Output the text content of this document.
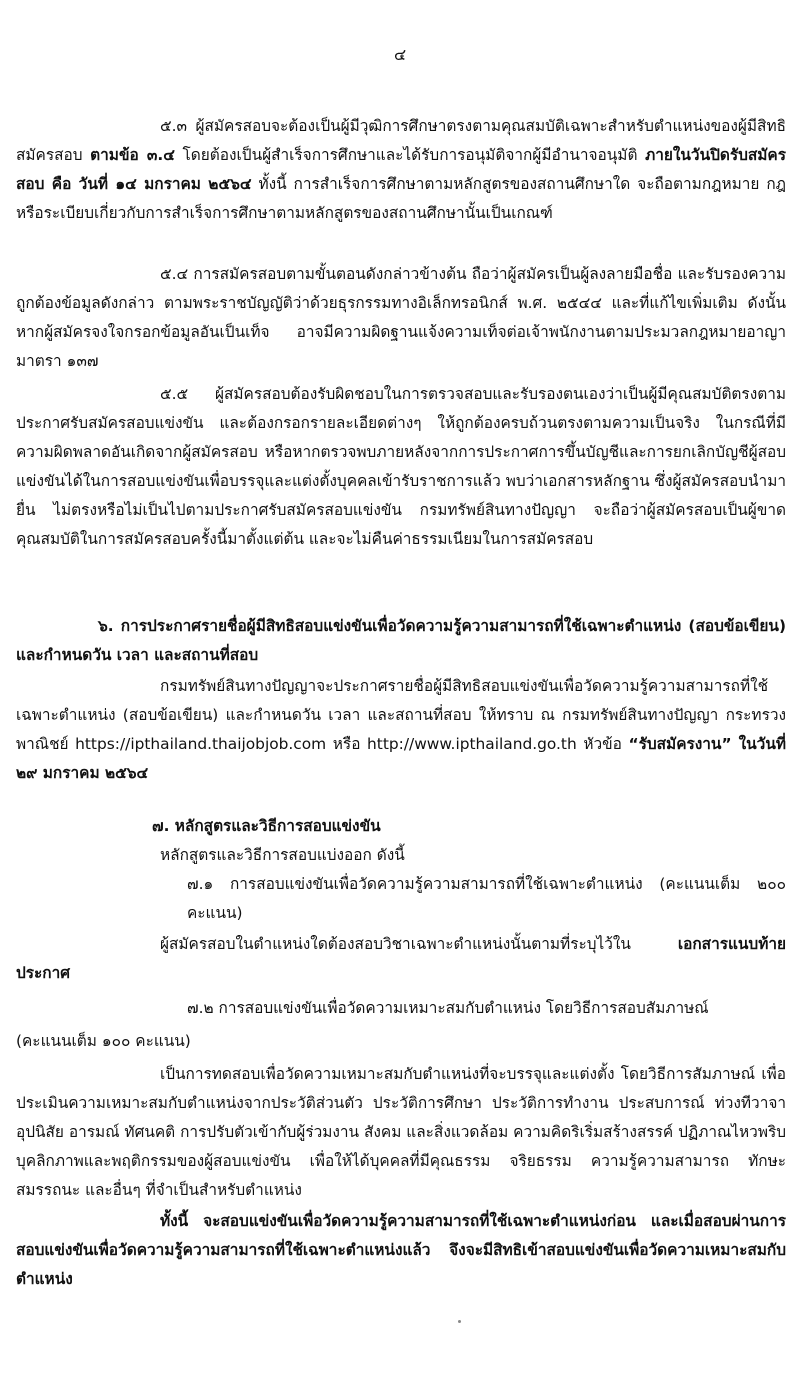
๔

๕.๓ ผู้สมัครสอบจะต้องเป็นผู้มีวุฒิการศึกษาตรงตามคุณสมบัติเฉพาะสำหรับตำแหน่งของผู้มีสิทธิสมัครสอบ ตามข้อ ๓.๔ โดยต้องเป็นผู้สำเร็จการศึกษาและได้รับการอนุมัติจากผู้มีอำนาจอนุมัติ ภายในวันปิดรับสมัครสอบ คือ วันที่ ๑๔ มกราคม ๒๕๖๔ ทั้งนี้ การสำเร็จการศึกษาตามหลักสูตรของสถานศึกษาใด จะถือตามกฎหมาย กฎหรือระเบียบเกี่ยวกับการสำเร็จการศึกษาตามหลักสูตรของสถานศึกษานั้นเป็นเกณฑ์

๕.๔ การสมัครสอบตามขั้นตอนดังกล่าวข้างต้น ถือว่าผู้สมัครเป็นผู้ลงลายมือชื่อ และรับรองความถูกต้องข้อมูลดังกล่าว ตามพระราชบัญญัติว่าด้วยธุรกรรมทางอิเล็กทรอนิกส์ พ.ศ. ๒๕๔๔ และที่แก้ไขเพิ่มเติม ดังนั้น หากผู้สมัครจงใจกรอกข้อมูลอันเป็นเท็จ อาจมีความผิดฐานแจ้งความเท็จต่อเจ้าพนักงานตามประมวลกฎหมายอาญา มาตรา ๑๓๗

๕.๕ ผู้สมัครสอบต้องรับผิดชอบในการตรวจสอบและรับรองตนเองว่าเป็นผู้มีคุณสมบัติตรงตามประกาศรับสมัครสอบแข่งขัน และต้องกรอกรายละเอียดต่างๆ ให้ถูกต้องครบถ้วนตรงตามความเป็นจริง ในกรณีที่มีความผิดพลาดอันเกิดจากผู้สมัครสอบ หรือหากตรวจพบภายหลังจากการประกาศการขึ้นบัญชีและการยกเลิกบัญชีผู้สอบแข่งขันได้ในการสอบแข่งขันเพื่อบรรจุและแต่งตั้งบุคคลเข้ารับราชการแล้ว พบว่าเอกสารหลักฐาน ซึ่งผู้สมัครสอบนำมายื่น ไม่ตรงหรือไม่เป็นไปตามประกาศรับสมัครสอบแข่งขัน กรมทรัพย์สินทางปัญญา จะถือว่าผู้สมัครสอบเป็นผู้ขาดคุณสมบัติในการสมัครสอบครั้งนี้มาตั้งแต่ต้น และจะไม่คืนค่าธรรมเนียมในการสมัครสอบ

๖. การประกาศรายชื่อผู้มีสิทธิสอบแข่งขันเพื่อวัดความรู้ความสามารถที่ใช้เฉพาะตำแหน่ง (สอบข้อเขียน) และกำหนดวัน เวลา และสถานที่สอบ

กรมทรัพย์สินทางปัญญาจะประกาศรายชื่อผู้มีสิทธิสอบแข่งขันเพื่อวัดความรู้ความสามารถที่ใช้เฉพาะตำแหน่ง (สอบข้อเขียน) และกำหนดวัน เวลา และสถานที่สอบ ให้ทราบ ณ กรมทรัพย์สินทางปัญญา กระทรวงพาณิชย์ https://ipthailand.thaijobjob.com หรือ http://www.ipthailand.go.th หัวข้อ “รับสมัครงาน” ในวันที่ ๒๙ มกราคม ๒๕๖๔

๗. หลักสูตรและวิธีการสอบแข่งขัน

หลักสูตรและวิธีการสอบแบ่งออก ดังนี้

๗.๑ การสอบแข่งขันเพื่อวัดความรู้ความสามารถที่ใช้เฉพาะตำแหน่ง (คะแนนเต็ม ๒๐๐ คะแนน)

ผู้สมัครสอบในตำแหน่งใดต้องสอบวิชาเฉพาะตำแหน่งนั้นตามที่ระบุไว้ใน	เอกสารแนบท้ายประกาศ

๗.๒ การสอบแข่งขันเพื่อวัดความเหมาะสมกับตำแหน่ง โดยวิธีการสอบสัมภาษณ์

(คะแนนเต็ม ๑๐๐ คะแนน)

เป็นการทดสอบเพื่อวัดความเหมาะสมกับตำแหน่งที่จะบรรจุและแต่งตั้ง โดยวิธีการสัมภาษณ์ เพื่อประเมินความเหมาะสมกับตำแหน่งจากประวัติส่วนตัว ประวัติการศึกษา ประวัติการทำงาน ประสบการณ์ ท่วงทีวาจา อุปนิสัย อารมณ์ ทัศนคติ การปรับตัวเข้ากับผู้ร่วมงาน สังคม และสิ่งแวดล้อม ความคิดริเริ่มสร้างสรรค์ ปฏิภาณไหวพริบ บุคลิกภาพและพฤติกรรมของผู้สอบแข่งขัน เพื่อให้ได้บุคคลที่มีคุณธรรม จริยธรรม ความรู้ความสามารถ ทักษะ สมรรถนะ และอื่นๆ ที่จำเป็นสำหรับตำแหน่ง

ทั้งนี้ จะสอบแข่งขันเพื่อวัดความรู้ความสามารถที่ใช้เฉพาะตำแหน่งก่อน และเมื่อสอบผ่านการสอบแข่งขันเพื่อวัดความรู้ความสามารถที่ใช้เฉพาะตำแหน่งแล้ว จึงจะมีสิทธิเข้าสอบแข่งขันเพื่อวัดความเหมาะสมกับตำแหน่ง
